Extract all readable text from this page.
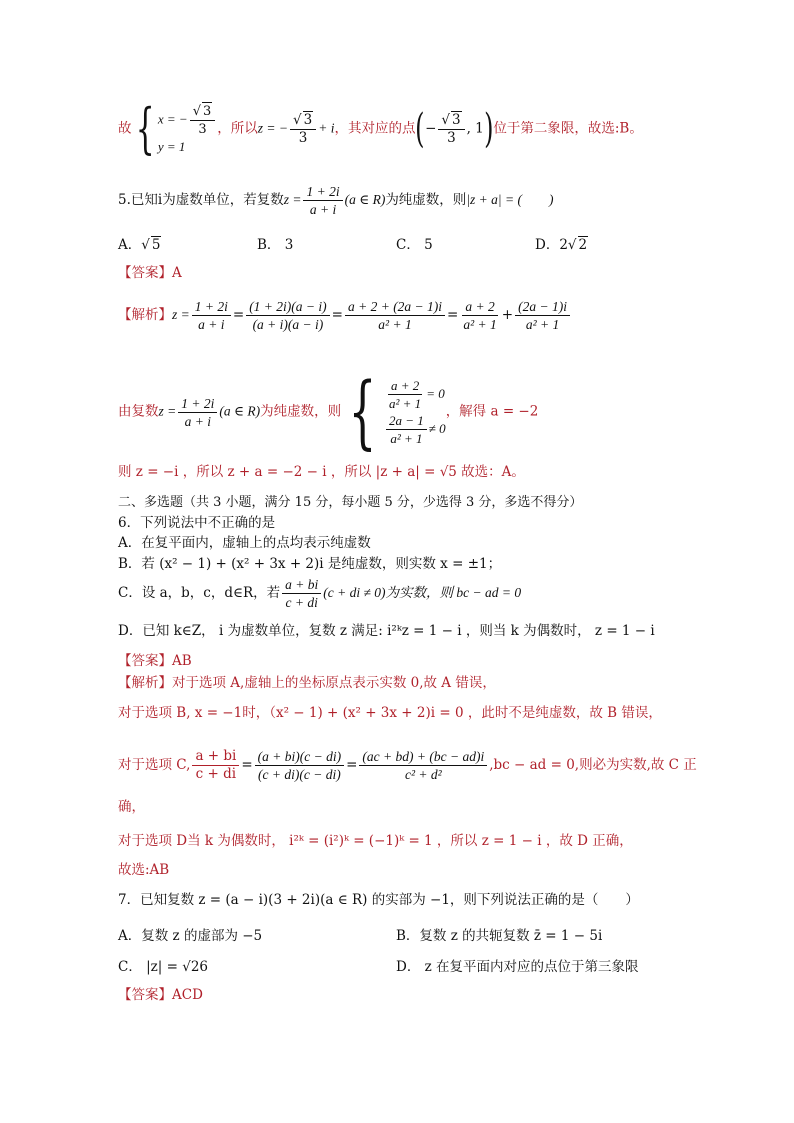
故{ x = − $\frac{√ 3}{3}$
y = 1
，所以z = − $\frac{√ 3}{3} + i$，其对应的点(− $\frac{√ 3}{3}$ , 1)位于第二象限，故选:B。
5.已知i为虚数单位，若复数$z = \frac{1 + 2i}{a + i} (a$ ∈ R)为纯虚数，则|z + a| = (　　)
A．√ 5	B． 3	C． 5	D．2√ 2
【答案】A
【解析】$z = \frac{1 + 2i}{a + i} = \frac{(1 + 2i)(a - i)}{(a + i)(a - i)} = \frac{a + 2 + (2a - 1)i}{\text{a² + 1}} = \frac{a + 2}{\text{a² + 1}} + \frac{(2a - 1)i}{\text{a² + 1}}$
由复数$z = \frac{1 + 2i}{a + i} (a$ ∈ R)为纯虚数，则{ $\frac{a + 2}{\text{a² + 1}} = 0$
$\frac{2a - 1}{\text{a² + 1}} \ne 0$
，解得 a = −2
则 z = −i ，所以 z + a = −2 − i ，所以 |z + a| = √5 故选：A。
二、多选题（共 3 小题，满分 15 分，每小题 5 分，少选得 3 分，多选不得分）
6．下列说法中不正确的是
A．在复平面内，虚轴上的点均表示纯虚数
B．若 (x² − 1) + (x² + 3x + 2)i 是纯虚数，则实数 x = ±1；
C．设 a，b，c，d∈R，若 $\frac{a + bi}{c + di} (c$ + di ≠ 0)为实数，则 bc − ad = 0
D．已知 k∈Z， i 为虚数单位，复数 z 满足: i²ᵏz = 1 − i ，则当 k 为偶数时， z = 1 − i
【答案】AB
【解析】对于选项 A,虚轴上的坐标原点表示实数 0,故 A 错误，
对于选项 B, x = −1时，（x² − 1) + (x² + 3x + 2)i = 0 ，此时不是纯虚数，故 B 错误，
对于选项 C, $\frac{a + bi}{c + di} = \frac{(a + bi)(c - di)}{(c + di)(c - di)} = \frac{(ac + bd) + (bc - ad)i}{\text{c² + d²}} ,bc$ − ad = 0,则必为实数,故 C 正
确，
对于选项 D当 k 为偶数时， i²ᵏ = (i²)ᵏ = (−1)ᵏ = 1 ，所以 z = 1 − i ，故 D 正确，
故选:AB
7．已知复数 z = (a − i)(3 + 2i)(a ∈ R) 的实部为 −1，则下列说法正确的是（　　）
A．复数 z 的虚部为 −5	B．复数 z 的共轭复数 z̄ = 1 − 5i
C． |z| = √26	D． z 在复平面内对应的点位于第三象限
【答案】ACD
